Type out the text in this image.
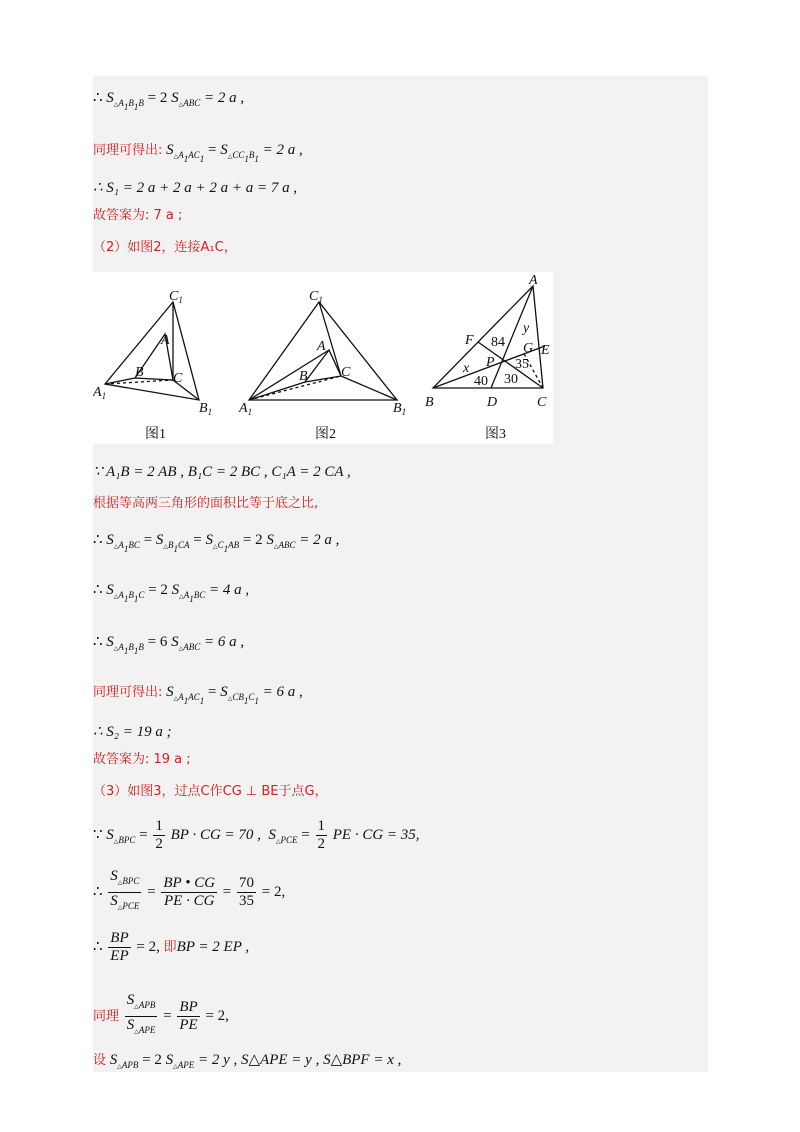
∴ $S_{\triangle A_1B_1B} = 2$ $S_{\triangle ABC} = 2$ a ,
同理可得出: $S_{\triangle A_1AC_1} = S_{\triangle CC_1B_1} = 2$ a ,
∴ S₁ = 2 a + 2 a + 2 a + a = 7 a ,
故答案为: 7 a ;
（2）如图2，连接A₁C，
$C_1$
A
B C
$A_1$
$B_1$
$C_1$
A
B C
$A_1$	$B_1$
A
F
y
G E
P
x
B	D	C
84
35
40 30
图1	图2	图3
∵ A₁B = 2 AB , B₁C = 2 BC , C₁A = 2 CA ,
根据等高两三角形的面积比等于底之比,
∴ $S_{\triangle A_1BC} = S_{\triangle B_1CA} = S_{\triangle C_1AB} = 2$ $S_{\triangle ABC} = 2$ a ,
∴ $S_{\triangle A_1B_1C} = 2$ $S_{\triangle A_1BC} = 4$ a ,
∴ $S_{\triangle A_1B_1B} = 6$ $S_{\triangle ABC} = 6$ a ,
同理可得出: $S_{\triangle A_1AC_1} = S_{\triangle CB_1C_1} = 6$ a ,
∴ S₂ = 19 a ;
故答案为: 19 a ;
（3）如图3，过点C作CG ⊥ BE于点G，
∵ $S_{\triangle BPC} = \frac{1}{2}$ BP · CG = 70 , $S_{\triangle PCE} = \frac{1}{2}$ PE · CG = 35,
∴ $\frac{S_{\triangle BPC}}{S_{\triangle PCE}} = \frac{BP • CG}{PE \cdot CG} = \frac{70}{35} = 2$,
∴ $\frac{BP}{EP} = 2$, 即BP = 2 EP ,
同理 $\frac{S_{\triangle APB}}{S_{\triangle APE}} = \frac{BP}{PE} = 2$,
设 $S_{\triangle APB} = 2$ $S_{\triangle APE} = 2$ y , S△APE = y , S△BPF = x ,
